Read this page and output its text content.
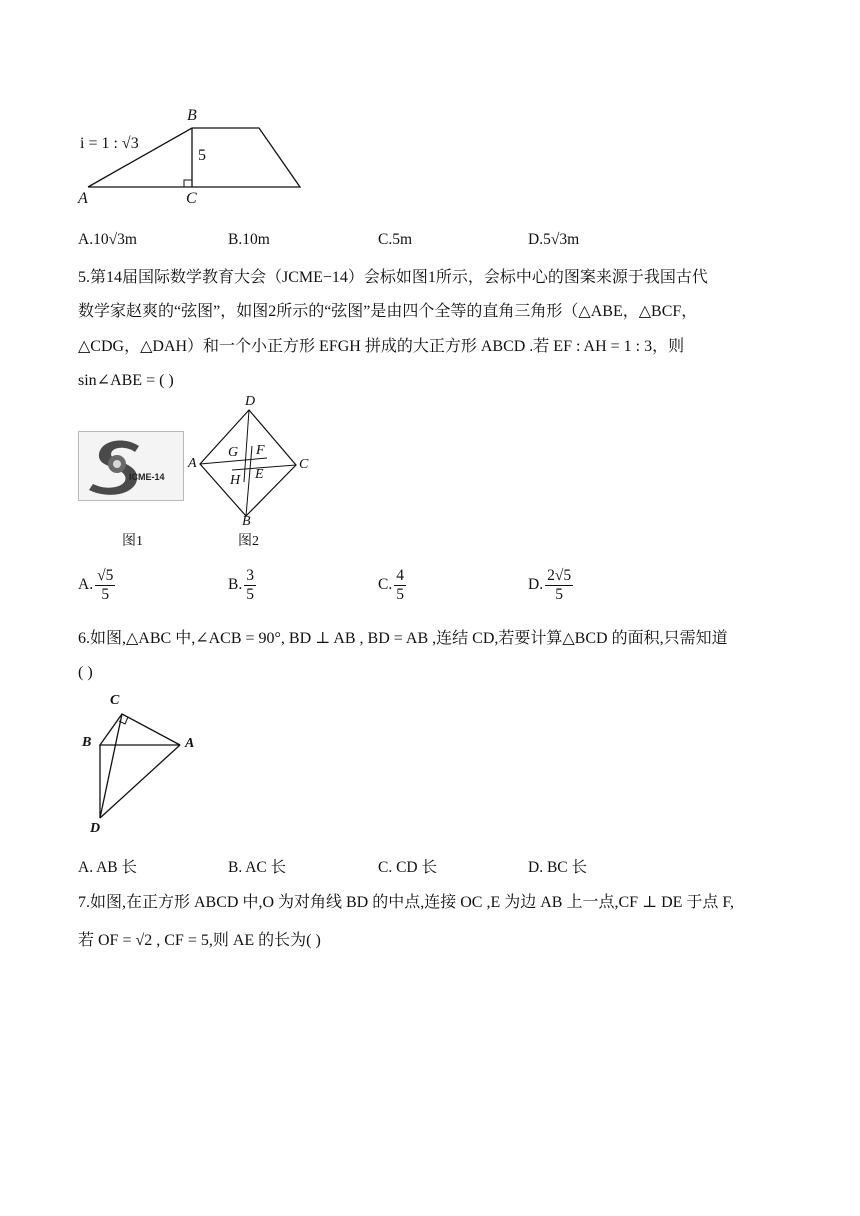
B
A	C
5
i = 1 : √3
A.10√3m	B.10m	C.5m	D.5√3m
5.第14届国际数学教育大会（JCME−14）会标如图1所示，会标中心的图案来源于我国古代
数学家赵爽的“弦图”，如图2所示的“弦图”是由四个全等的直角三角形（△ABE，△BCF，
△CDG，△DAH）和一个小正方形 EFGH 拼成的大正方形 ABCD .若 EF : AH = 1 : 3，则
sin∠ABE = ( )
ICME-14
图1
D
A	C
B
G F
H E
图2
A. $\frac{√5}{5}$	B. $\frac{3}{5}$	C. $\frac{4}{5}$	D. $\frac{2√5}{5}$
6.如图,△ABC 中,∠ACB = 90°, BD ⊥ AB , BD = AB ,连结 CD,若要计算△BCD 的面积,只需知道
( )
C
B	A
D
A. AB 长	B. AC 长	C. CD 长	D. BC 长
7.如图,在正方形 ABCD 中,O 为对角线 BD 的中点,连接 OC ,E 为边 AB 上一点,CF ⊥ DE 于点 F,
若 OF = √2 , CF = 5,则 AE 的长为( )
